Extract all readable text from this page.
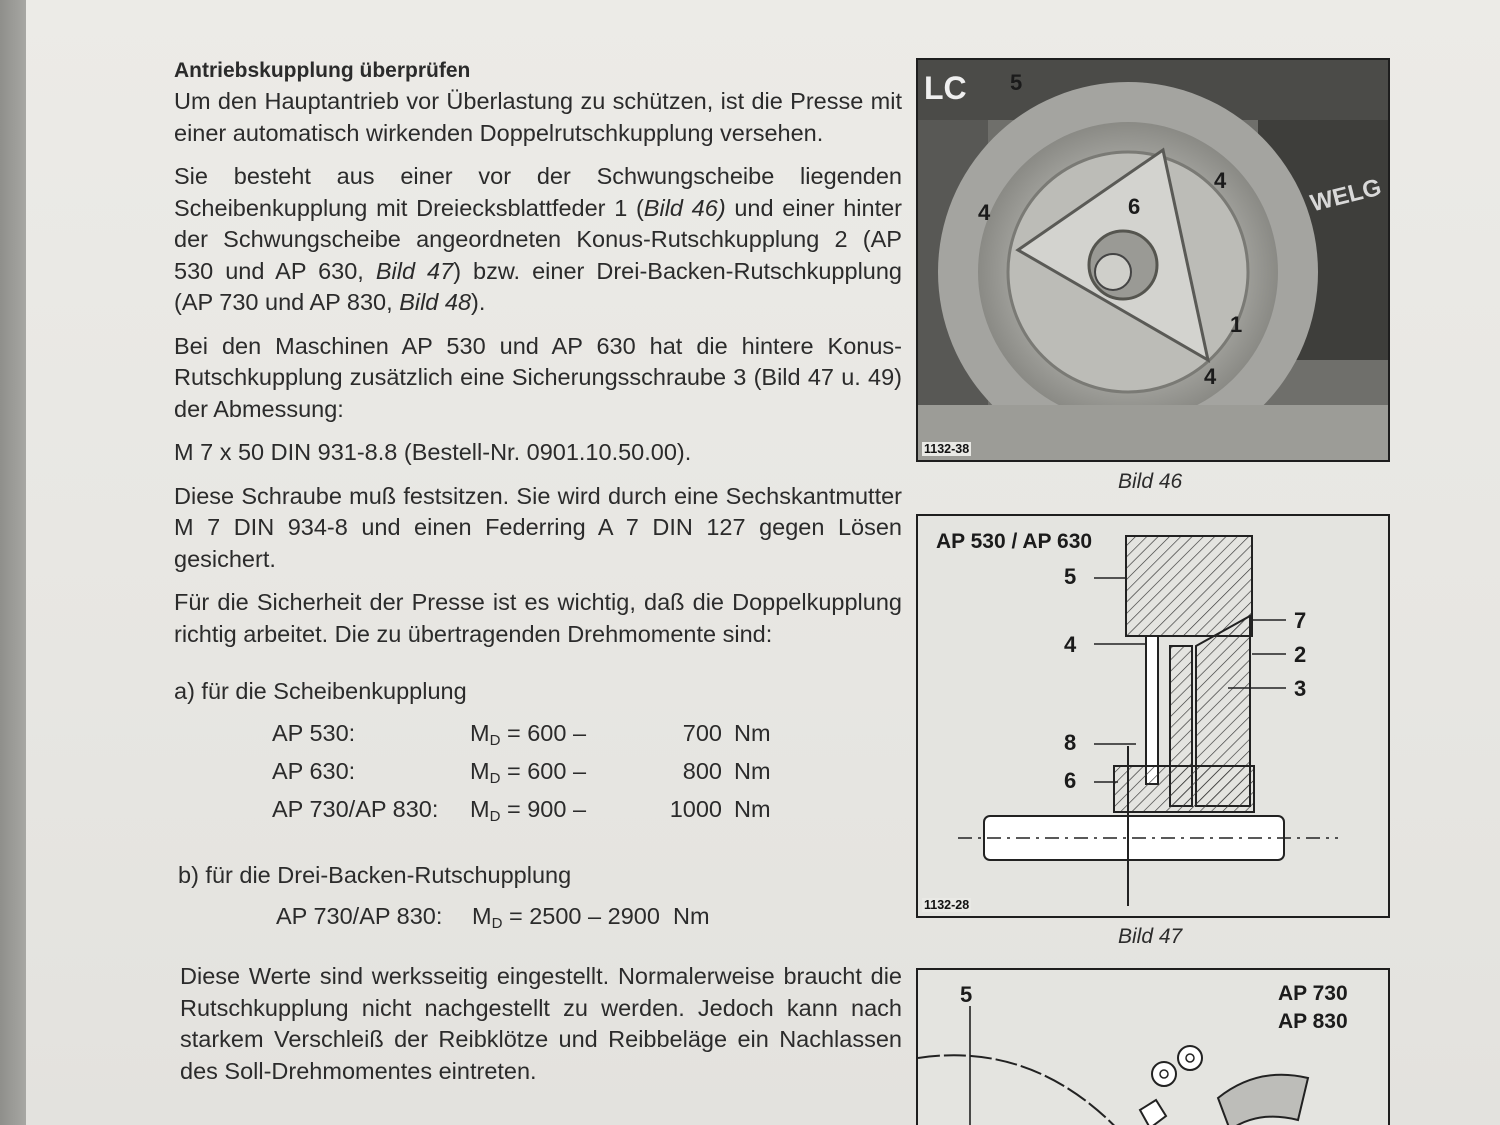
Antriebskupplung überprüfen

Um den Hauptantrieb vor Überlastung zu schützen, ist die Presse mit einer automatisch wirkenden Doppelrutschkupplung versehen.

Sie besteht aus einer vor der Schwungscheibe liegenden Scheibenkupplung mit Dreiecksblattfeder 1 (Bild 46) und einer hinter der Schwungscheibe angeordneten Konus-Rutschkupplung 2 (AP 530 und AP 630, Bild 47) bzw. einer Drei-Backen-Rutschkupplung (AP 730 und AP 830, Bild 48).

Bei den Maschinen AP 530 und AP 630 hat die hintere Konus-Rutschkupplung zusätzlich eine Sicherungsschraube 3 (Bild 47 u. 49) der Abmessung:

M 7 x 50 DIN 931-8.8 (Bestell-Nr. 0901.10.50.00).

Diese Schraube muß festsitzen. Sie wird durch eine Sechskantmutter M 7 DIN 934-8 und einen Federring A 7 DIN 127 gegen Lösen gesichert.

Für die Sicherheit der Presse ist es wichtig, daß die Doppelkupplung richtig arbeitet. Die zu übertragenden Drehmomente sind:

a) für die Scheibenkupplung
AP 530:	$M_D = 600$ –	700 Nm
AP 630:	$M_D = 600$ –	800 Nm
AP 730/AP 830:	$M_D = 900$ –	1000 Nm
b) für die Drei-Backen-Rutschupplung
AP 730/AP 830:	$M_D = 2500 - 2900$ Nm

Diese Werte sind werksseitig eingestellt. Normalerweise braucht die Rutschkupplung nicht nachgestellt zu werden. Jedoch kann nach starkem Verschleiß der Reibklötze und Reibbeläge ein Nachlassen des Soll-Drehmomentes eintreten.

LC
WELG
5
4
4
6
1
4
1132-38
Bild 46
AP 530 / AP 630
5
4
8
6
7
2
3
1132-28
Bild 47
5	AP 730
AP 830
